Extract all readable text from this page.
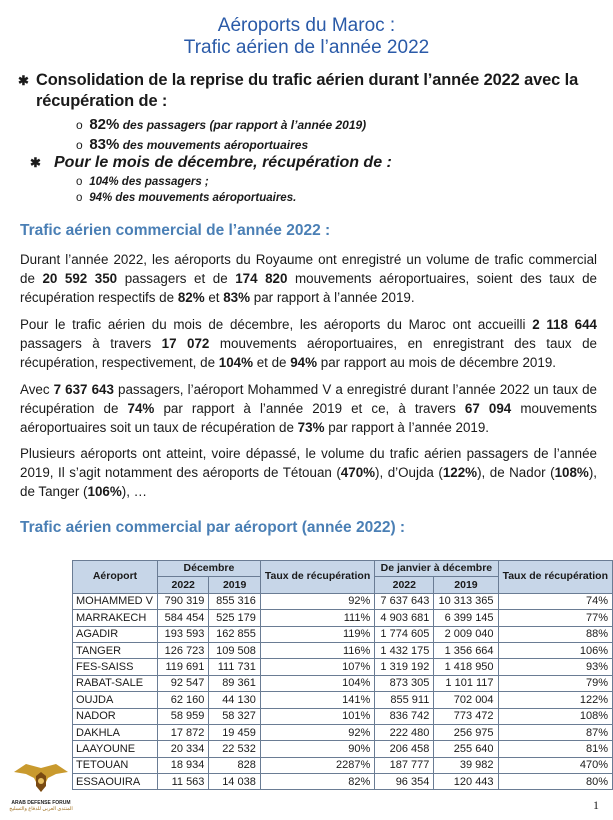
Aéroports du Maroc :
Trafic aérien de l’année 2022
✱ Consolidation de la reprise du trafic aérien durant l’année 2022 avec la récupération de :
o 82% des passagers (par rapport à l’année 2019)
o 83% des mouvements aéroportuaires
✱ Pour le mois de décembre, récupération de :
o 104% des passagers ;
o 94% des mouvements aéroportuaires.
Trafic aérien commercial de l’année 2022 :
Durant l’année 2022, les aéroports du Royaume ont enregistré un volume de trafic commercial de 20 592 350 passagers et de 174 820 mouvements aéroportuaires, soient des taux de récupération respectifs de 82% et 83% par rapport à l’année 2019.
Pour le trafic aérien du mois de décembre, les aéroports du Maroc ont accueilli 2 118 644 passagers à travers 17 072 mouvements aéroportuaires, en enregistrant des taux de récupération, respectivement, de 104% et de 94% par rapport au mois de décembre 2019.
Avec 7 637 643 passagers, l’aéroport Mohammed V a enregistré durant l’année 2022 un taux de récupération de 74% par rapport à l’année 2019 et ce, à travers 67 094 mouvements aéroportuaires soit un taux de récupération de 73% par rapport à l’année 2019.
Plusieurs aéroports ont atteint, voire dépassé, le volume du trafic aérien passagers de l’année 2019, Il s’agit notamment des aéroports de Tétouan (470%), d’Oujda (122%), de Nador (108%), de Tanger (106%), …
Trafic aérien commercial par aéroport (année 2022) :
Aéroport	Décembre		Taux de récupération	De janvier à décembre		Taux de récupération
	2022	2019		2022	2019	
MOHAMMED V	790 319	855 316	92%	7 637 643	10 313 365	74%
MARRAKECH	584 454	525 179	111%	4 903 681	6 399 145	77%
AGADIR	193 593	162 855	119%	1 774 605	2 009 040	88%
TANGER	126 723	109 508	116%	1 432 175	1 356 664	106%
FES-SAISS	119 691	111 731	107%	1 319 192	1 418 950	93%
RABAT-SALE	92 547	89 361	104%	873 305	1 101 117	79%
OUJDA	62 160	44 130	141%	855 911	702 004	122%
NADOR	58 959	58 327	101%	836 742	773 472	108%
DAKHLA	17 872	19 459	92%	222 480	256 975	87%
LAAYOUNE	20 334	22 532	90%	206 458	255 640	81%
TETOUAN	18 934	828	2287%	187 777	39 982	470%
ESSAOUIRA	11 563	14 038	82%	96 354	120 443	80%
ARAB DEFENSE FORUM
المنتدى العربي للدفاع والتسليح	1
